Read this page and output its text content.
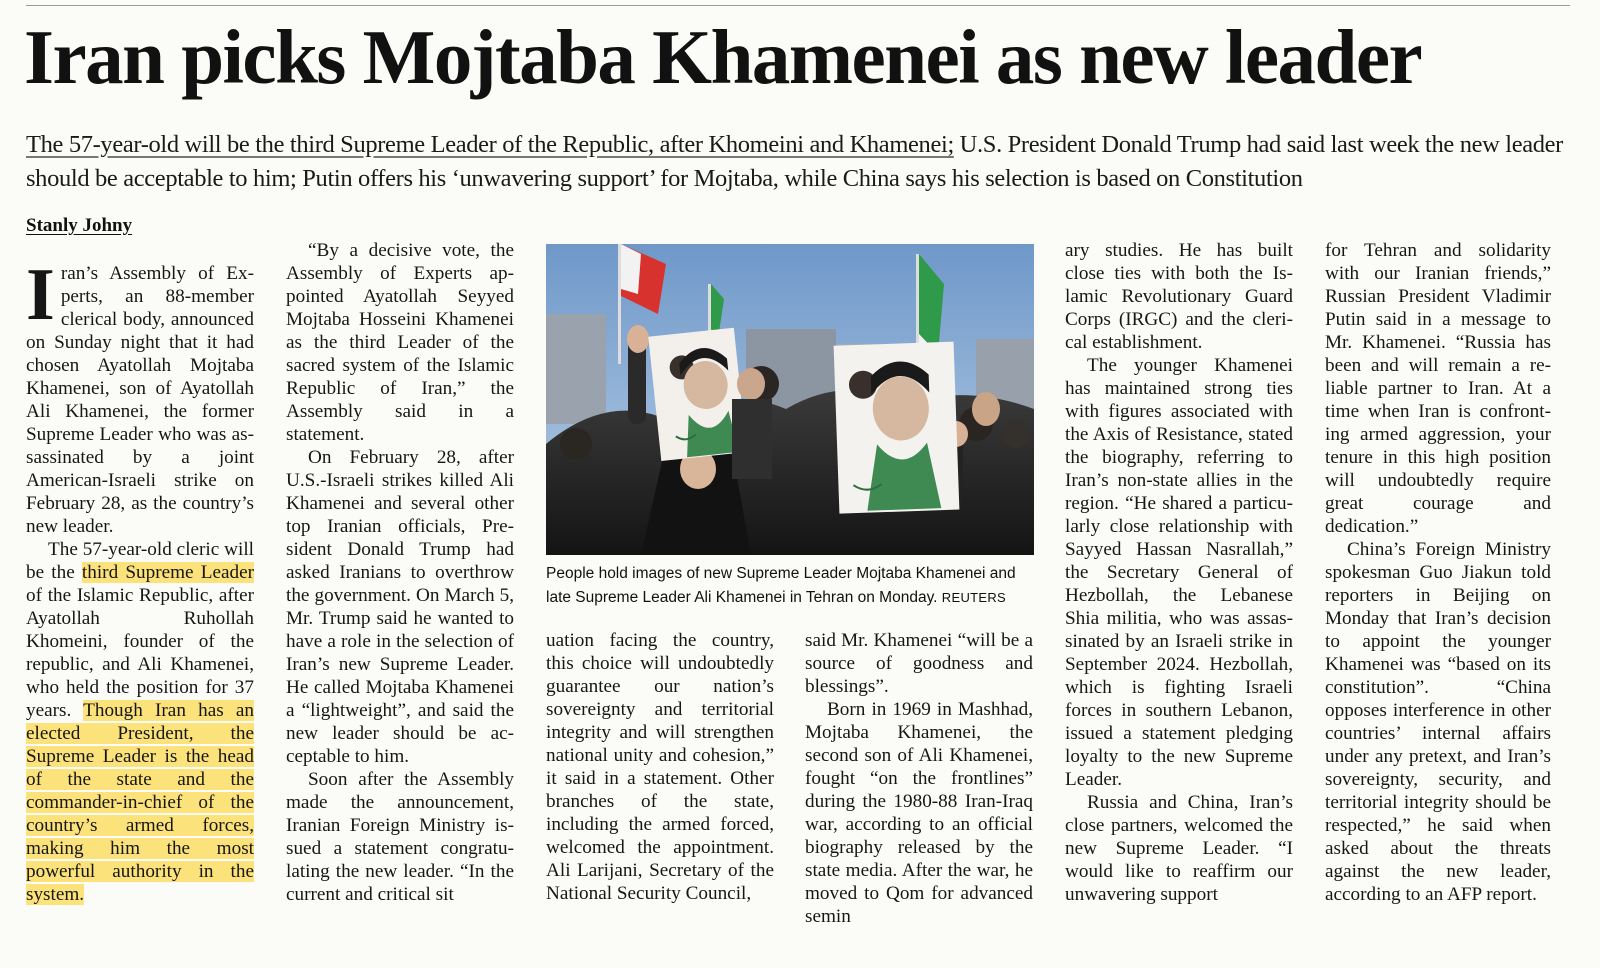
Iran picks Mojtaba Khamenei as new leader

The 57-year-old will be the third Supreme Leader of the Republic, after Khomeini and Khamenei; U.S. President Donald Trump had said last week the new leader should be acceptable to him; Putin offers his ‘unwavering support’ for Mojtaba, while China says his selection is based on Constitution

Stanly Johny

Iran’s Assembly of Experts, an 88-member clerical body, announced on Sunday night that it had chosen Ayatollah Mojtaba Khamenei, son of Ayatollah Ali Khamenei, the former Supreme Leader who was assassinated by a joint American-Israeli strike on February 28, as the country’s new leader.

The 57-year-old cleric will be the third Supreme Leader of the Islamic Republic, after Ayatollah Ruhollah Khomeini, founder of the republic, and Ali Khamenei, who held the position for 37 years. Though Iran has an elected President, the Supreme Leader is the head of the state and the commander-in-chief of the country’s armed forces, making him the most powerful authority in the system.

“By a decisive vote, the Assembly of Experts appointed Ayatollah Seyyed Mojtaba Hosseini Khamenei as the third Leader of the sacred system of the Islamic Republic of Iran,” the Assembly said in a statement.

On February 28, after U.S.-Israeli strikes killed Ali Khamenei and several other top Iranian officials, President Donald Trump had asked Iranians to overthrow the government. On March 5, Mr. Trump said he wanted to have a role in the selection of Iran’s new Supreme Leader. He called Mojtaba Khamenei a “lightweight”, and said the new leader should be acceptable to him.

Soon after the Assembly made the announcement, Iranian Foreign Ministry issued a statement congratulating the new leader. “In the current and critical sit

People hold images of new Supreme Leader Mojtaba Khamenei and late Supreme Leader Ali Khamenei in Tehran on Monday. REUTERS

uation facing the country, this choice will undoubtedly guarantee our nation’s sovereignty and territorial integrity and will strengthen national unity and cohesion,” it said in a statement. Other branches of the state, including the armed forced, welcomed the appointment. Ali Larijani, Secretary of the National Security Council,

said Mr. Khamenei “will be a source of goodness and blessings”.

Born in 1969 in Mashhad, Mojtaba Khamenei, the second son of Ali Khamenei, fought “on the frontlines” during the 1980-88 Iran-Iraq war, according to an official biography released by the state media. After the war, he moved to Qom for advanced semin

ary studies. He has built close ties with both the Islamic Revolutionary Guard Corps (IRGC) and the clerical establishment.

The younger Khamenei has maintained strong ties with figures associated with the Axis of Resistance, stated the biography, referring to Iran’s non-state allies in the region. “He shared a particularly close relationship with Sayyed Hassan Nasrallah,” the Secretary General of Hezbollah, the Lebanese Shia militia, who was assassinated by an Israeli strike in September 2024. Hezbollah, which is fighting Israeli forces in southern Lebanon, issued a statement pledging loyalty to the new Supreme Leader.

Russia and China, Iran’s close partners, welcomed the new Supreme Leader. “I would like to reaffirm our unwavering support

for Tehran and solidarity with our Iranian friends,” Russian President Vladimir Putin said in a message to Mr. Khamenei. “Russia has been and will remain a reliable partner to Iran. At a time when Iran is confronting armed aggression, your tenure in this high position will undoubtedly require great courage and dedication.”

China’s Foreign Ministry spokesman Guo Jiakun told reporters in Beijing on Monday that Iran’s decision to appoint the younger Khamenei was “based on its constitution”. “China opposes interference in other countries’ internal affairs under any pretext, and Iran’s sovereignty, security, and territorial integrity should be respected,” he said when asked about the threats against the new leader, according to an AFP report.
